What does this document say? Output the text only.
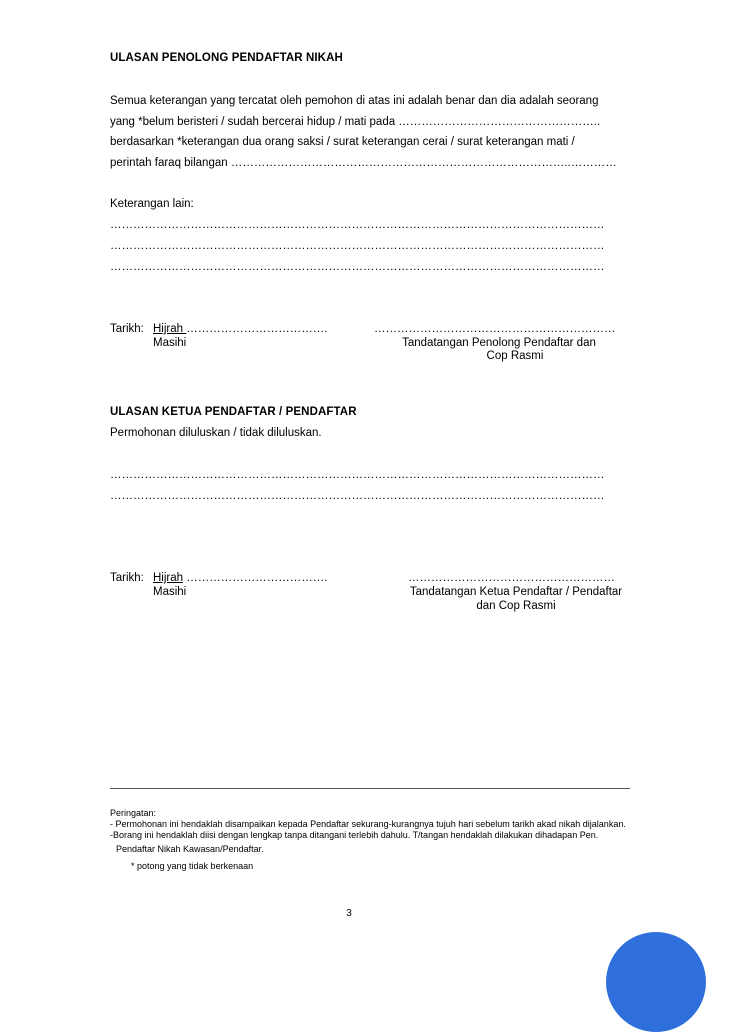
ULASAN PENOLONG PENDAFTAR NIKAH
Semua keterangan yang tercatat oleh pemohon di atas ini adalah benar dan dia adalah seorang
yang *belum beristeri / sudah bercerai hidup / mati pada ……………………………………………..
berdasarkan *keterangan dua orang saksi / surat keterangan cerai / surat keterangan mati /
perintah faraq bilangan ……………………………………………………………………………..…………
Keterangan lain:
…………………………………………………………………………………………………………………
…………………………………………………………………………………………………………………
…………………………………………………………………………………………………………………
Tarikh: Hijrah ……………………………….
Masihi
………………………………………………………
Tandatangan Penolong Pendaftar dan
Cop Rasmi
ULASAN KETUA PENDAFTAR / PENDAFTAR
Permohonan diluluskan / tidak diluluskan.
…………………………………………………………………………………………………………………
…………………………………………………………………………………………………………………
Tarikh: Hijrah ……………………………….
Masihi
………………………………………………
Tandatangan Ketua Pendaftar / Pendaftar
dan Cop Rasmi
Peringatan:
- Permohonan ini hendaklah disampaikan kepada Pendaftar sekurang-kurangnya tujuh hari sebelum tarikh akad nikah dijalankan.
-Borang ini hendaklah diisi dengan lengkap tanpa ditangani terlebih dahulu. T/tangan hendaklah dilakukan dihadapan Pen.
Pendaftar Nikah Kawasan/Pendaftar.
* potong yang tidak berkenaan
3
